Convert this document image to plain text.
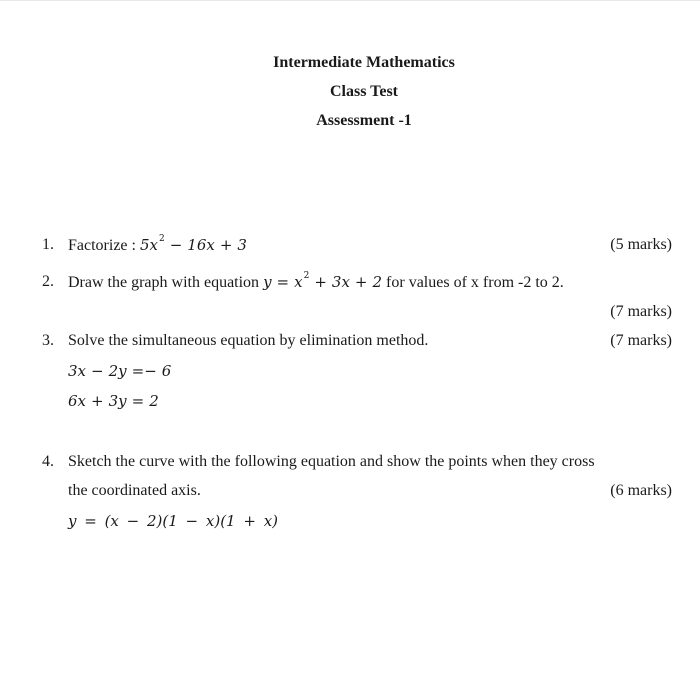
Intermediate Mathematics
Class Test
Assessment -1
1. Factorize : $5x^2 - 16x + 3$	(5 marks)
2. Draw the graph with equation $y = x^2 + 3x + 2$ for values of x from -2 to 2.
(7 marks)
3. Solve the simultaneous equation by elimination method.	(7 marks)
3x − 2y =− 6
6x + 3y = 2
4. Sketch the curve with the following equation and show the points when they cross
the coordinated axis.	(6 marks)
y = (x − 2)(1 − x)(1 + x)
